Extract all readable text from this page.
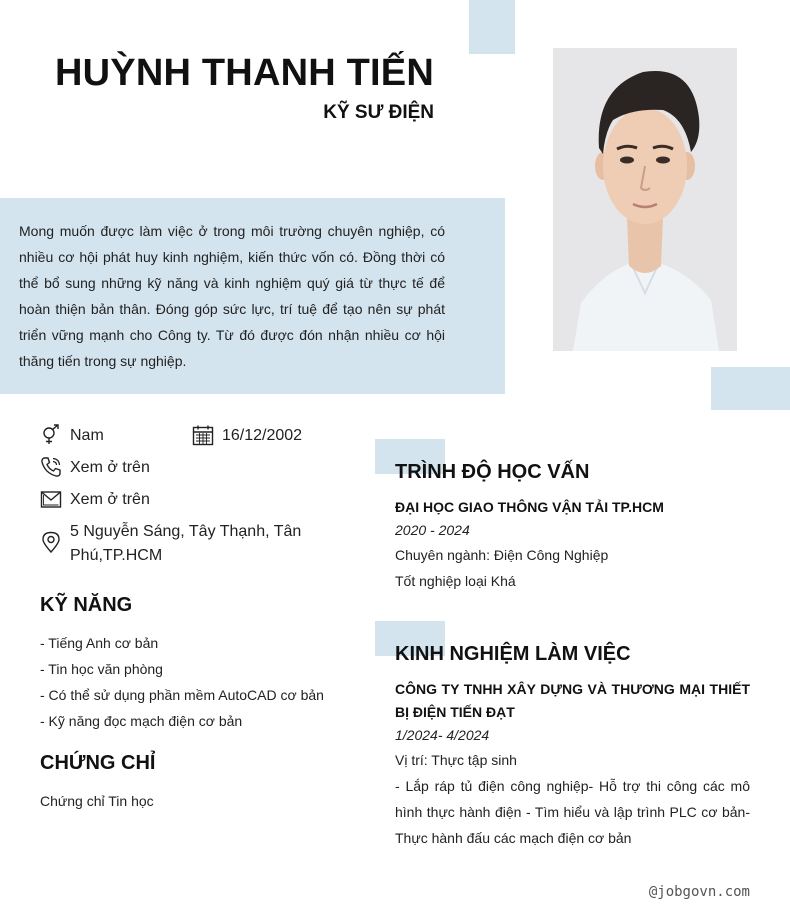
HUỲNH THANH TIẾN
KỸ SƯ ĐIỆN

Mong muốn được làm việc ở trong môi trường chuyên nghiệp, có nhiều cơ hội phát huy kinh nghiệm, kiến thức vốn có. Đồng thời có thể bổ sung những kỹ năng và kinh nghiệm quý giá từ thực tế để hoàn thiện bản thân. Đóng góp sức lực, trí tuệ để tạo nên sự phát triển vững mạnh cho Công ty. Từ đó được đón nhận nhiều cơ hội thăng tiến trong sự nghiệp.

Nam	16/12/2002
Xem ở trên
Xem ở trên
5 Nguyễn Sáng, Tây Thạnh, Tân Phú,TP.HCM
KỸ NĂNG
- Tiếng Anh cơ bản
- Tin học văn phòng
- Có thể sử dụng phần mềm AutoCAD cơ bản
- Kỹ năng đọc mạch điện cơ bản
CHỨNG CHỈ
Chứng chỉ Tin học
TRÌNH ĐỘ HỌC VẤN
ĐẠI HỌC GIAO THÔNG VẬN TẢI TP.HCM
2020 - 2024
Chuyên ngành: Điện Công Nghiệp
Tốt nghiệp loại Khá
KINH NGHIỆM LÀM VIỆC
CÔNG TY TNHH XÂY DỰNG VÀ THƯƠNG MẠI THIẾT BỊ ĐIỆN TIẾN ĐẠT
1/2024- 4/2024
Vị trí: Thực tập sinh
- Lắp ráp tủ điện công nghiệp- Hỗ trợ thi công các mô hình thực hành điện - Tìm hiểu và lập trình PLC cơ bản- Thực hành đấu các mạch điện cơ bản
@jobgovn.com
